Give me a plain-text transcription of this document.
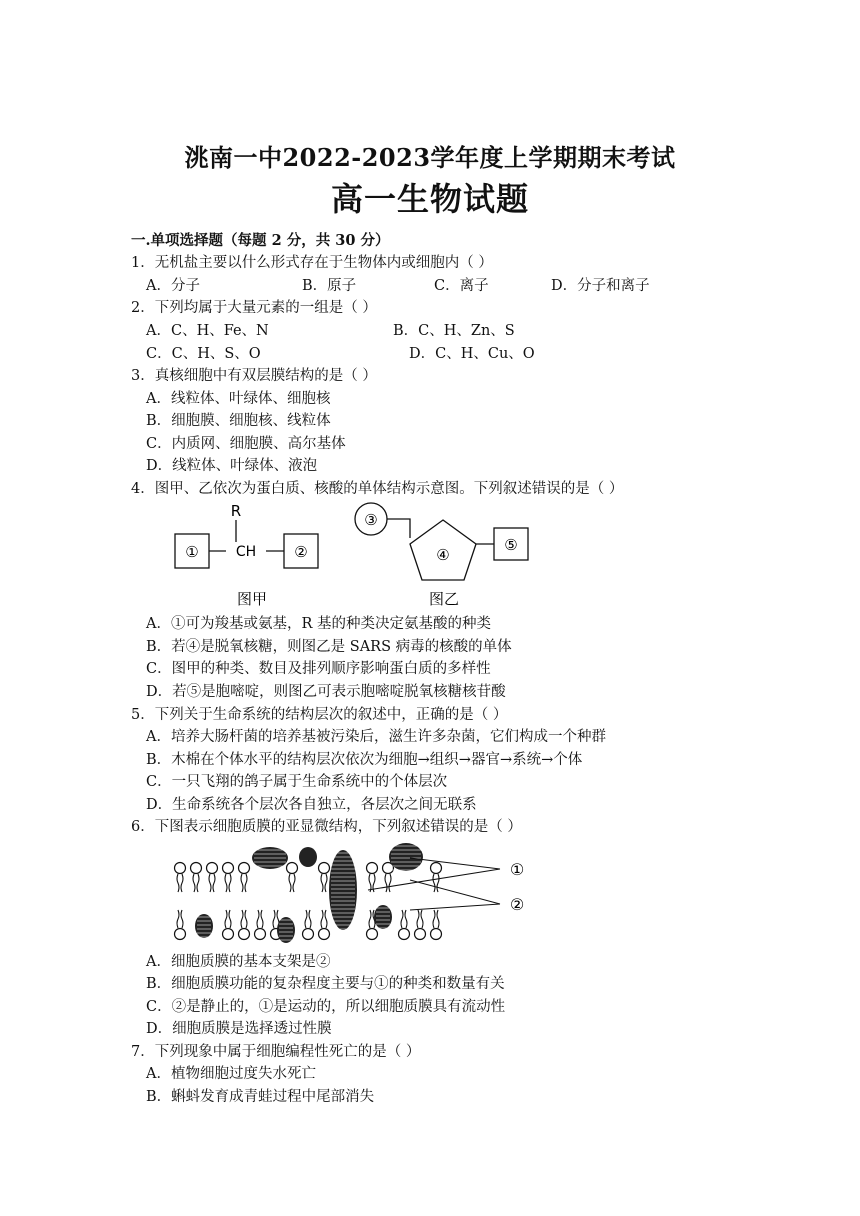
洮南一中2022-2023学年度上学期期末考试
高一生物试题
一.单项选择题（每题 2 分，共 30 分）
1．无机盐主要以什么形式存在于生物体内或细胞内（ ）
A．分子	B．原子	C．离子	D．分子和离子
2．下列均属于大量元素的一组是（ ）
A．C、H、Fe、N	B．C、H、Zn、S
C．C、H、S、O	D．C、H、Cu、O
3．真核细胞中有双层膜结构的是（ ）
A．线粒体、叶绿体、细胞核
B．细胞膜、细胞核、线粒体
C．内质网、细胞膜、高尔基体
D．线粒体、叶绿体、液泡
4．图甲、乙依次为蛋白质、核酸的单体结构示意图。下列叙述错误的是（ ）
R
①	CH	②
图甲
③
④
⑤
图乙
A．①可为羧基或氨基，R 基的种类决定氨基酸的种类
B．若④是脱氧核糖，则图乙是 SARS 病毒的核酸的单体
C．图甲的种类、数目及排列顺序影响蛋白质的多样性
D．若⑤是胞嘧啶，则图乙可表示胞嘧啶脱氧核糖核苷酸
5．下列关于生命系统的结构层次的叙述中，正确的是（ ）
A．培养大肠杆菌的培养基被污染后，滋生许多杂菌，它们构成一个种群
B．木棉在个体水平的结构层次依次为细胞→组织→器官→系统→个体
C．一只飞翔的鸽子属于生命系统中的个体层次
D．生命系统各个层次各自独立，各层次之间无联系
6．下图表示细胞质膜的亚显微结构，下列叙述错误的是（ ）
①
②
A．细胞质膜的基本支架是②
B．细胞质膜功能的复杂程度主要与①的种类和数量有关
C．②是静止的，①是运动的，所以细胞质膜具有流动性
D．细胞质膜是选择透过性膜
7．下列现象中属于细胞编程性死亡的是（ ）
A．植物细胞过度失水死亡
B．蝌蚪发育成青蛙过程中尾部消失
